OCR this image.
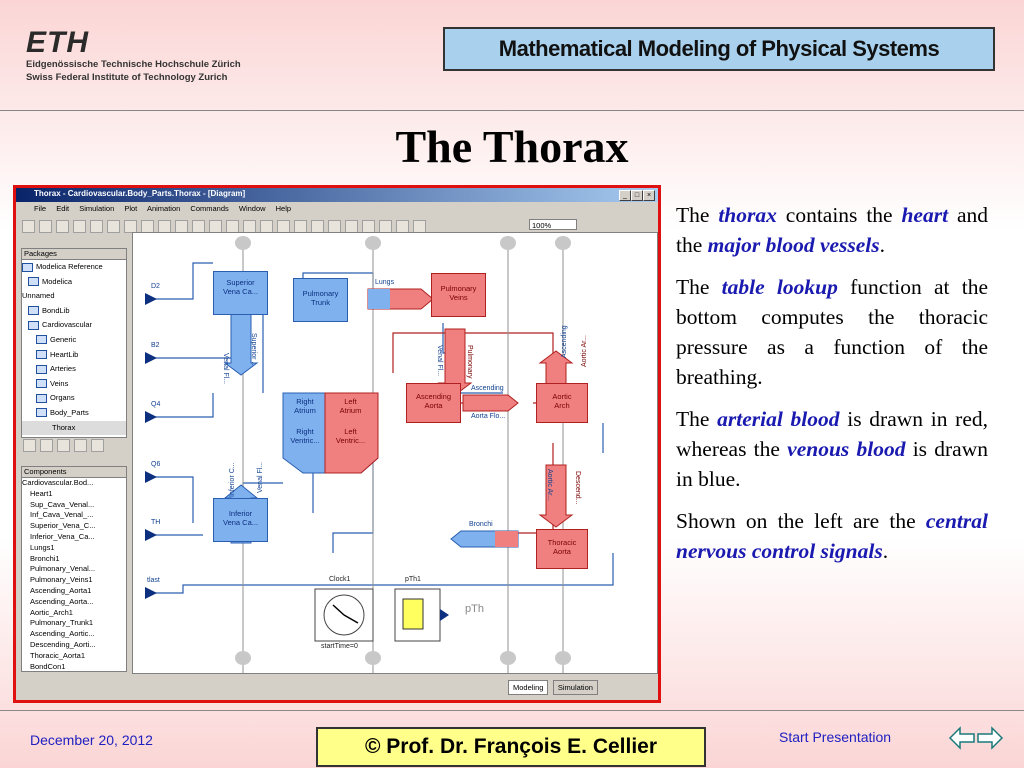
ETH
Eidgenössische Technische Hochschule Zürich
Swiss Federal Institute of Technology Zurich
Mathematical Modeling of Physical Systems
The Thorax
Thorax - Cardiovascular.Body_Parts.Thorax - [Diagram]	_	□	×
File Edit Simulation Plot Animation Commands Window Help
100%
Packages
Modelica Reference
Modelica
Unnamed
BondLib
Cardiovascular
Generic
HeartLib
Arteries
Veins
Organs
Body_Parts
Thorax
Components
Cardiovascular.Bod...
Heart1
Sup_Cava_Venal...
Inf_Cava_Venal_...
Superior_Vena_C...
Inferior_Vena_Ca...
Lungs1
Bronchi1
Pulmonary_Venal...
Pulmonary_Veins1
Ascending_Aorta1
Ascending_Aorta...
Aortic_Arch1
Pulmonary_Trunk1
Ascending_Aortic...
Descending_Aorti...
Thoracic_Aorta1
BondCon1
D2
B2
Q4
Q6
TH
tlast
Superior
Vena Ca...	Pulmonary
Trunk
Lungs
Pulmonary
Veins
Venal Fl...
Superior ...	Venal Fl...	Pulmonary
Right
Atrium
Left
Atrium
Right
Ventric...
Left
Ventric...
Ascending
Aorta
Ascending
Aorta Flo...
Aortic
Arch
Ascending Aortic Ar...
Inferior C...	Venal Fl...	Descend...
Aortic Ar...
Inferior
Vena Ca...	Bronchi
Thoracic
Aorta
Clock1	pTh1
pTh
startTime=0
Modeling Simulation

The thorax contains the heart and the major blood vessels.

The table lookup function at the bottom computes the thoracic pressure as a function of the breathing.

The arterial blood is drawn in red, whereas the venous blood is drawn in blue.

Shown on the left are the central nervous control signals.

December 20, 2012	© Prof. Dr. François E. Cellier	Start Presentation
